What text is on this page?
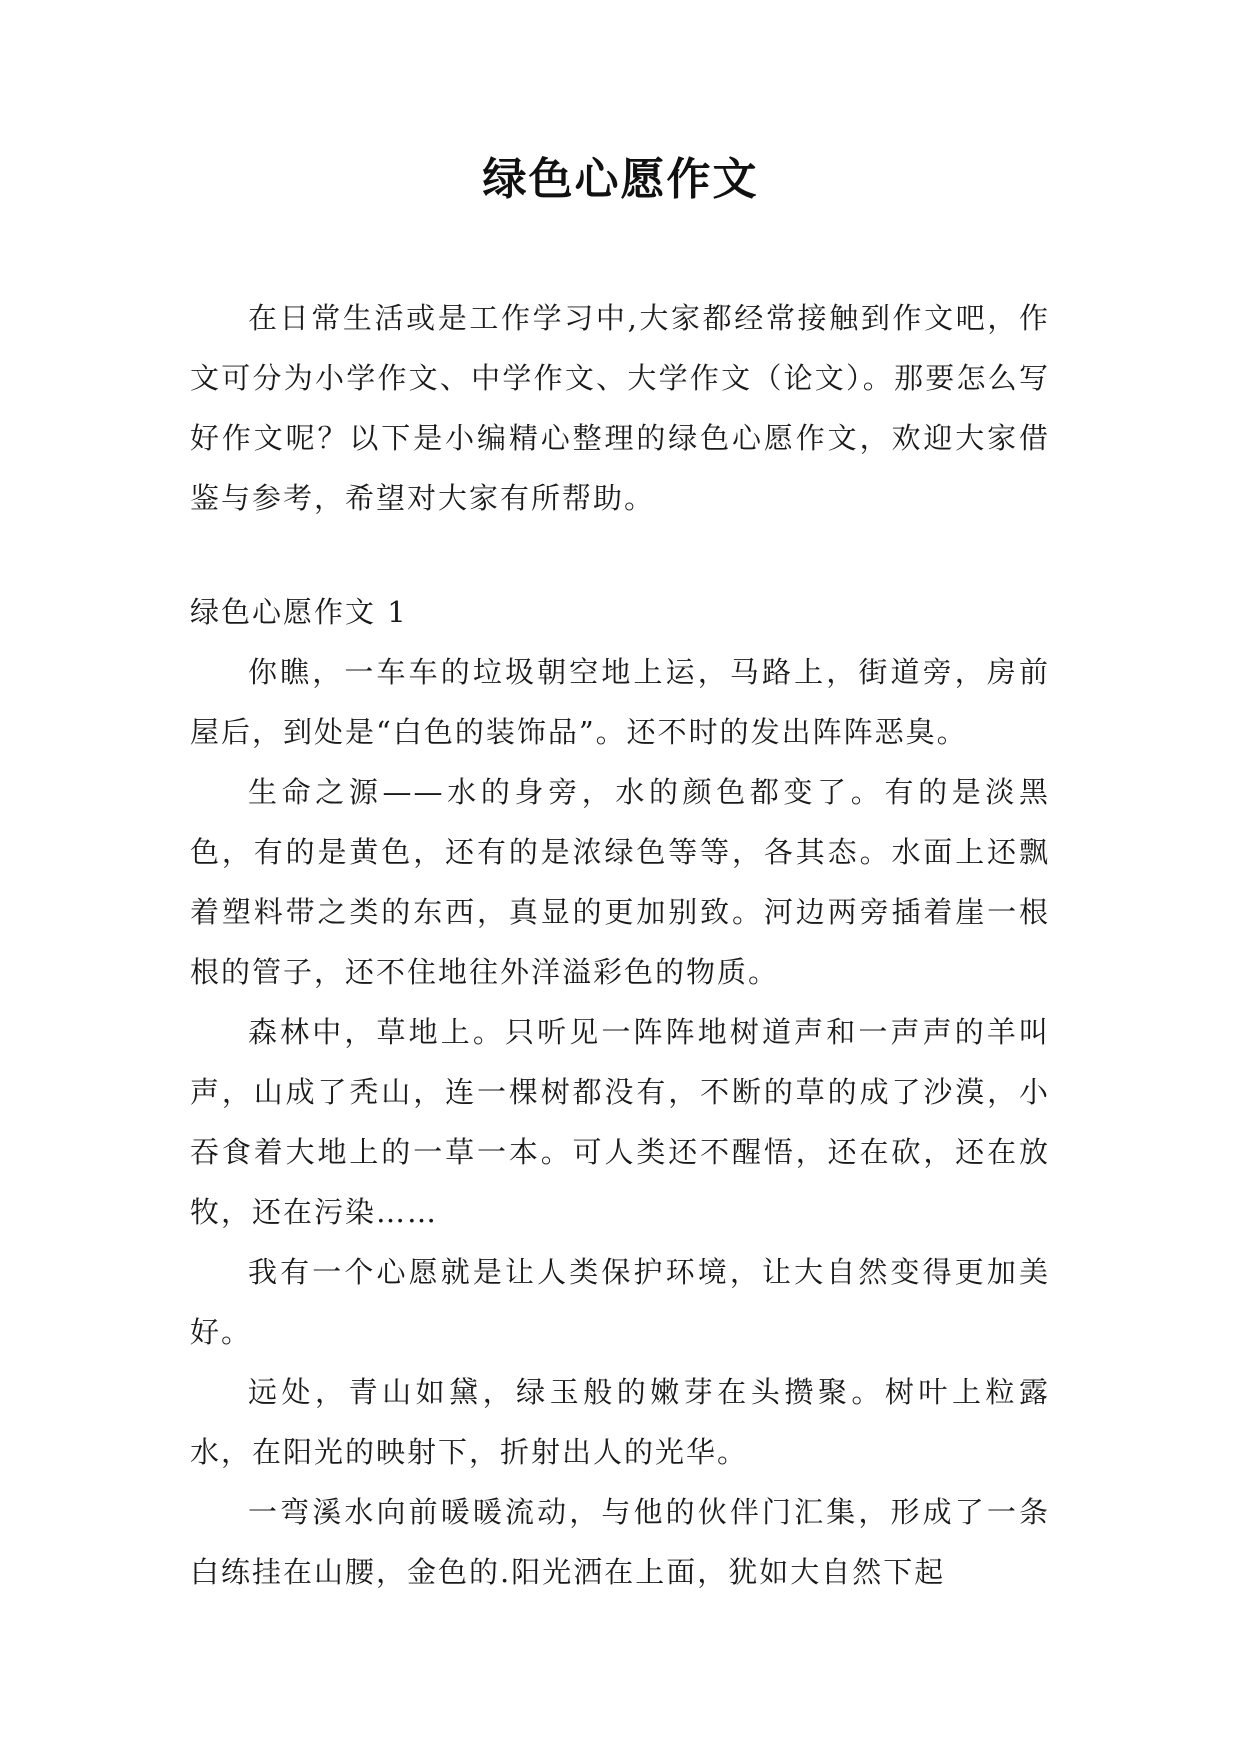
绿色心愿作文

在日常生活或是工作学习中,大家都经常接触到作文吧，作文可分为小学作文、中学作文、大学作文（论文）。那要怎么写好作文呢？以下是小编精心整理的绿色心愿作文，欢迎大家借鉴与参考，希望对大家有所帮助。

绿色心愿作文 1

你瞧，一车车的垃圾朝空地上运，马路上，街道旁，房前屋后，到处是“白色的装饰品”。还不时的发出阵阵恶臭。

生命之源——水的身旁，水的颜色都变了。有的是淡黑色，有的是黄色，还有的是浓绿色等等，各其态。水面上还飘着塑料带之类的东西，真显的更加别致。河边两旁插着崖一根根的管子，还不住地往外洋溢彩色的物质。

森林中，草地上。只听见一阵阵地树道声和一声声的羊叫声，山成了秃山，连一棵树都没有，不断的草的成了沙漠，小吞食着大地上的一草一本。可人类还不醒悟，还在砍，还在放牧，还在污染……

我有一个心愿就是让人类保护环境，让大自然变得更加美好。

远处，青山如黛，绿玉般的嫩芽在头攒聚。树叶上粒露水，在阳光的映射下，折射出人的光华。

一弯溪水向前暖暖流动，与他的伙伴门汇集，形成了一条白练挂在山腰，金色的.阳光洒在上面，犹如大自然下起
